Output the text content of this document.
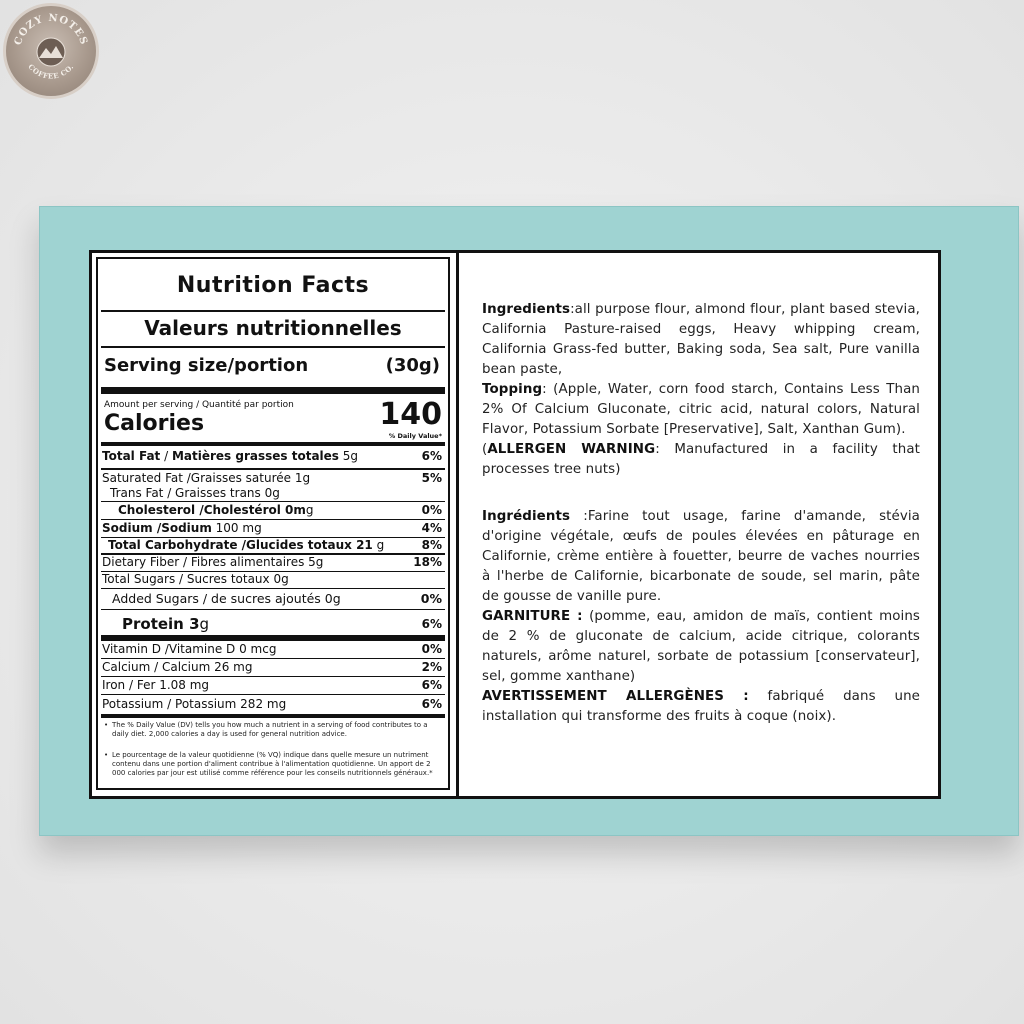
COZY NOTES
COFFEE CO.
Nutrition Facts
Valeurs nutritionnelles
Serving size/portion	(30g)
Amount per serving / Quantité par portion
Calories	140
% Daily Value*
Total Fat / Matières grasses totales 5g	6%
Saturated Fat /Graisses saturée 1g	5%
Trans Fat / Graisses trans 0g
Cholesterol /Cholestérol 0mg	0%
Sodium /Sodium 100 mg	4%
Total Carbohydrate /Glucides totaux 21 g	8%
Dietary Fiber / Fibres alimentaires 5g	18%
Total Sugars / Sucres totaux 0g
Added Sugars / de sucres ajoutés 0g	0%
Protein 3g	6%
Vitamin D /Vitamine D 0 mcg	0%
Calcium / Calcium 26 mg	2%
Iron / Fer 1.08 mg	6%
Potassium / Potassium 282 mg	6%
• The % Daily Value (DV) tells you how much a nutrient in a serving of food contributes to a daily diet. 2,000 calories a day is used for general nutrition advice.
• Le pourcentage de la valeur quotidienne (% VQ) indique dans quelle mesure un nutriment contenu dans une portion d'aliment contribue à l'alimentation quotidienne. Un apport de 2 000 calories par jour est utilisé comme référence pour les conseils nutritionnels généraux.*

Ingredients:all purpose flour, almond flour, plant based stevia, California Pasture-raised eggs, Heavy whipping cream, California Grass-fed butter, Baking soda, Sea salt, Pure vanilla bean paste,

Topping: (Apple, Water, corn food starch, Contains Less Than 2% Of Calcium Gluconate, citric acid, natural colors, Natural Flavor, Potassium Sorbate [Preservative], Salt, Xanthan Gum).

(ALLERGEN WARNING: Manufactured in a facility that processes tree nuts)

Ingrédients :Farine tout usage, farine d'amande, stévia d'origine végétale, œufs de poules élevées en pâturage en Californie, crème entière à fouetter, beurre de vaches nourries à l'herbe de Californie, bicarbonate de soude, sel marin, pâte de gousse de vanille pure.

GARNITURE : (pomme, eau, amidon de maïs, contient moins de 2 % de gluconate de calcium, acide citrique, colorants naturels, arôme naturel, sorbate de potassium [conservateur], sel, gomme xanthane)

AVERTISSEMENT ALLERGÈNES : fabriqué dans une installation qui transforme des fruits à coque (noix).
